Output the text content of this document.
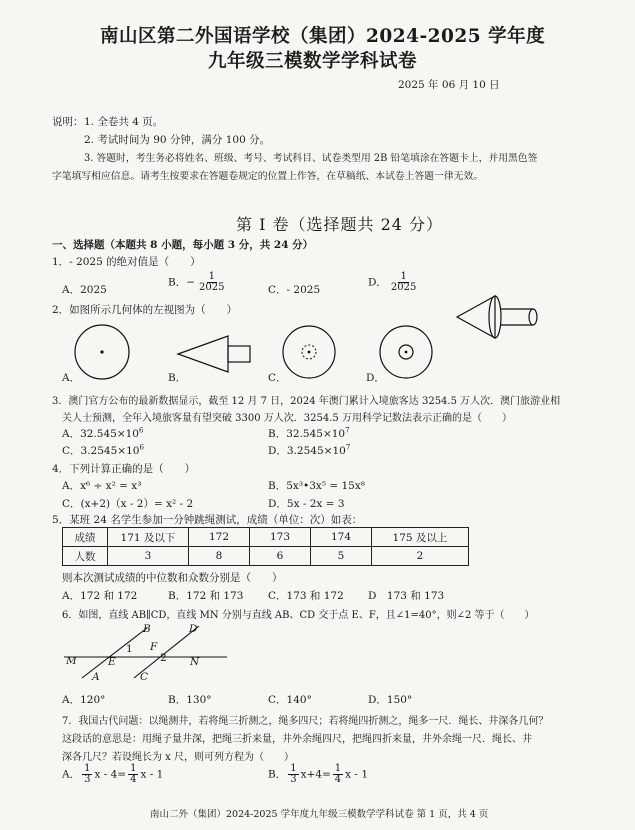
南山区第二外国语学校（集团）2024-2025 学年度
九年级三模数学学科试卷
2025 年 06 月 10 日
说明： 1. 全卷共 4 页。
2. 考试时间为 90 分钟，满分 100 分。
3. 答题时，考生务必将姓名、班级、考号、考试科目、试卷类型用 2B 铅笔填涂在答题卡上，并用黑色签
字笔填写相应信息。请考生按要求在答题卷规定的位置上作答，在草稿纸、本试卷上答题一律无效。
第 I 卷（选择题共 24 分）
一、选择题（本题共 8 小题，每小题 3 分，共 24 分）
1．- 2025 的绝对值是（　　）
A．2025
B．− $\frac{1}{2025}$	C．- 2025
D． $\frac{1}{2025}$
2．如图所示几何体的左视图为（　　）
A．	B．	C．	D．
3．澳门官方公布的最新数据显示，截至 12 月 7 日，2024 年澳门累计入境旅客达 3254.5 万人次．澳门旅游业相
关人士预测，全年入境旅客量有望突破 3300 万人次．3254.5 万用科学记数法表示正确的是（　　）
A．$32.545\times 10^6$	B．$32.545\times 10^7$
C．$3.2545\times 10^6$	D．$3.2545\times 10^7$
4．下列计算正确的是（　　）
A．x⁶ ÷ x² = x³	B．5x³•3x⁵ = 15x⁸
C．(x+2)（x - 2）= x² - 2	D．5x - 2x = 3
5．某班 24 名学生参加一分钟跳绳测试，成绩（单位：次）如表：
成绩	171 及以下	172	173	174	175 及以上
人数	3	8	6	5	2
则本次测试成绩的中位数和众数分别是（　　）
A．172 和 172	B．172 和 173 C．173 和 172 D　173 和 173
6．如图，直线 AB∥CD，直线 MN 分别与直线 AB、CD 交于点 E、F，且∠1=40°，则∠2 等于（　　）
B	D
1 F
2
M	E	N
A	C
A．120°	B．130°	C．140°	D．150°
7．我国古代问题：以绳测井，若将绳三折测之，绳多四尺；若将绳四折测之，绳多一尺．绳长、井深各几何？
这段话的意思是：用绳子量井深，把绳三折来量，井外余绳四尺，把绳四折来量，井外余绳一尺．绳长、井
深各几尺？若设绳长为 x 尺，则可列方程为（　　）
A． $\frac{1}{3}$ $x - 4= \frac{1}{4}$ x - 1	B． $\frac{1}{3} x+4= \frac{1}{4}$ x - 1
南山二外（集团）2024-2025 学年度九年级三模数学学科试卷 第 1 页，共 4 页
